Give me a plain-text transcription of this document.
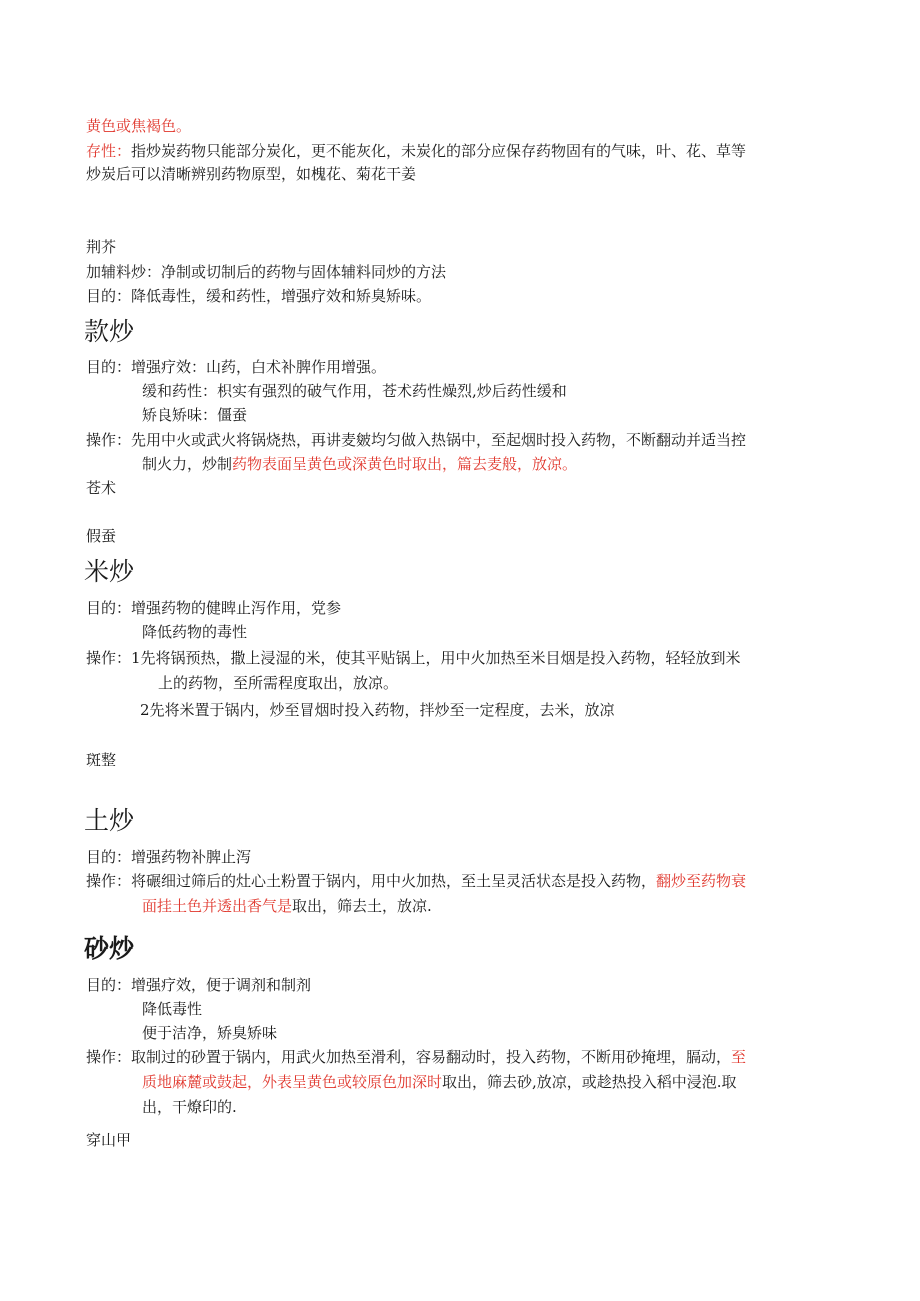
黄色或焦褐色。
存性：指炒炭药物只能部分炭化，更不能灰化，未炭化的部分应保存药物固有的气味，叶、花、草等
炒炭后可以清晰辨别药物原型，如槐花、菊花干姜
荆芥
加辅料炒：净制或切制后的药物与固体辅料同炒的方法
目的：降低毒性，缓和药性，增强疗效和矫臭矫味。
款炒
目的：增强疗效：山药，白术补脾作用增强。
缓和药性：枳实有强烈的破气作用，苍术药性燥烈,炒后药性缓和
矫良矫味：僵蚕
操作：先用中火或武火将锅烧热，再讲麦皴均匀做入热锅中，至起烟时投入药物，不断翻动并适当控
制火力，炒制药物表面呈黄色或深黄色时取出，篇去麦般，放凉。
苍术
假蚕
米炒
目的：增强药物的健睥止泻作用，党参
降低药物的毒性
操作：1先将锅预热，撒上浸湿的米，使其平贴锅上，用中火加热至米目烟是投入药物，轻轻放到米
上的药物，至所需程度取出，放凉。
2先将米置于锅内，炒至冒烟时投入药物，拌炒至一定程度，去米，放凉
斑整
土炒
目的：增强药物补脾止泻
操作：将碾细过筛后的灶心土粉置于锅内，用中火加热，至土呈灵活状态是投入药物，翻炒至药物衰
面挂土色并透出香气是取出，筛去土，放凉.
砂炒
目的：增强疗效，便于调剂和制剂
降低毒性
便于洁净，矫臭矫味
操作：取制过的砂置于锅内，用武火加热至滑利，容易翻动时，投入药物，不断用砂掩埋，膈动，至
质地麻麓或鼓起，外表呈黄色或较原色加深时取出，筛去砂,放凉，或趁热投入稻中浸泡.取
出，干燎印的.
穿山甲
